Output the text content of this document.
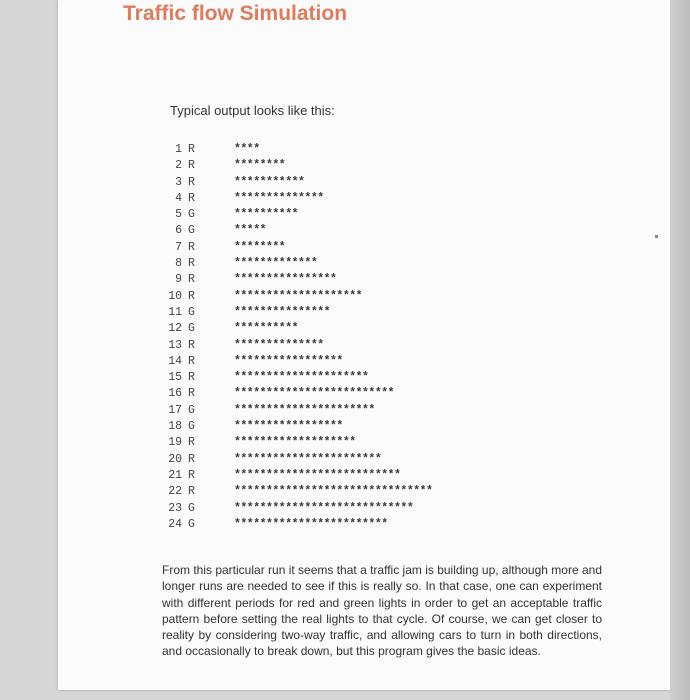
Traffic flow Simulation
Typical output looks like this:
1 R	****
2 R	********
3 R	***********
4 R	**************
5 G	**********
6 G	*****
7 R	********
8 R	*************
9 R	****************
10 R	********************
11 G	***************
12 G	**********
13 R	**************
14 R	*****************
15 R	*********************
16 R	*************************
17 G	**********************
18 G	*****************
19 R	*******************
20 R	***********************
21 R	**************************
22 R	*******************************
23 G	****************************
24 G	************************
From this particular run it seems that a traffic jam is building up, although more and longer runs are needed to see if this is really so. In that case, one can experiment with different periods for red and green lights in order to get an acceptable traffic pattern before setting the real lights to that cycle. Of course, we can get closer to reality by considering two-way traffic, and allowing cars to turn in both directions, and occasionally to break down, but this program gives the basic ideas.
